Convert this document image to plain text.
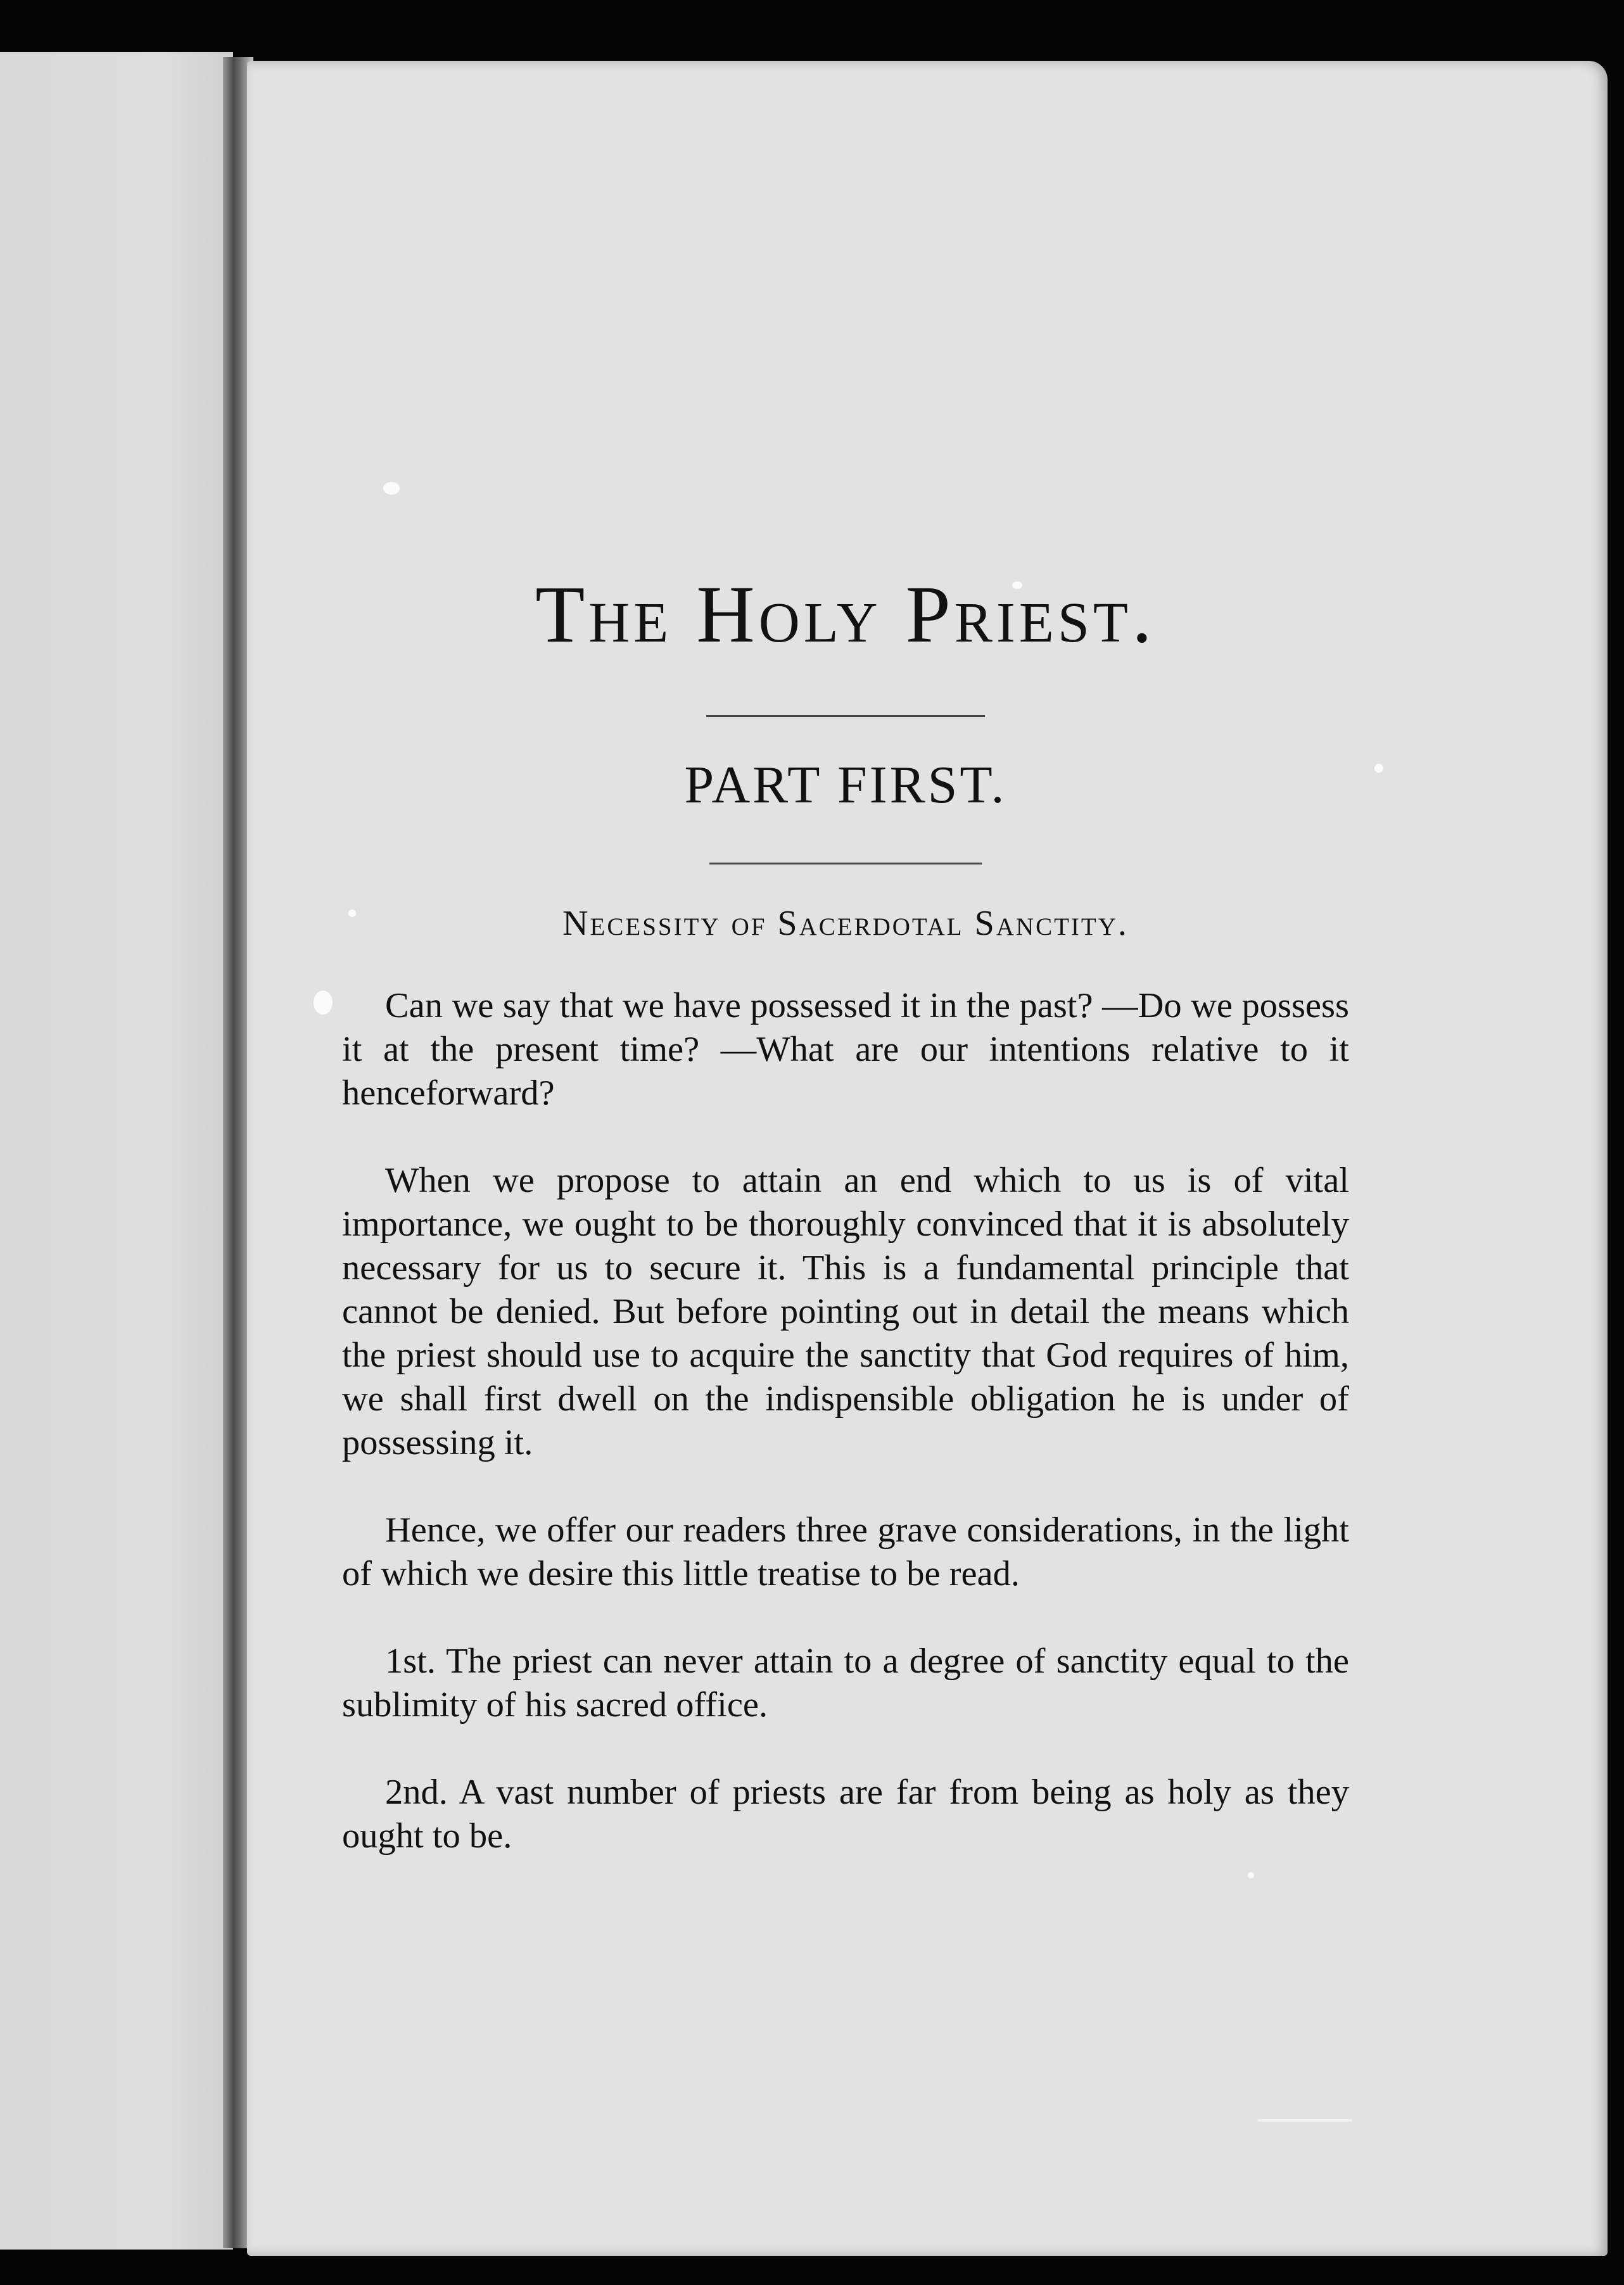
The Holy Priest.
PART FIRST.
Necessity of Sacerdotal Sanctity.

Can we say that we have possessed it in the past? —Do we possess it at the present time? —What are our intentions relative to it henceforward?

When we propose to attain an end which to us is of vital importance, we ought to be thoroughly convinced that it is absolutely necessary for us to secure it. This is a fundamental principle that cannot be denied. But before pointing out in detail the means which the priest should use to acquire the sanctity that God requires of him, we shall first dwell on the indispensible obligation he is under of possessing it.

Hence, we offer our readers three grave considerations, in the light of which we desire this little treatise to be read.

1st. The priest can never attain to a degree of sanctity equal to the sublimity of his sacred office.

2nd. A vast number of priests are far from being as holy as they ought to be.
